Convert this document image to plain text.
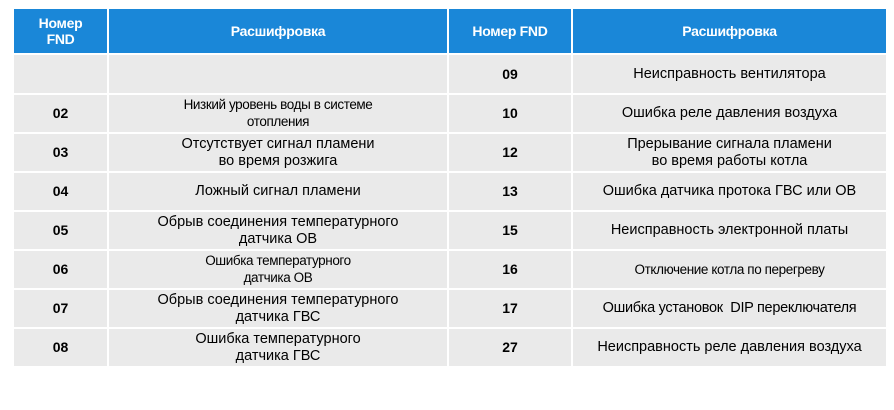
Номер
FND	Расшифровка	Номер FND	Расшифровка
		09	Неисправность вентилятора
02	Низкий уровень воды в системе
отопления	10	Ошибка реле давления воздуха
03	Отсутствует сигнал пламени
во время розжига	12	Прерывание сигнала пламени
во время работы котла
04	Ложный сигнал пламени	13	Ошибка датчика протока ГВС или ОВ
05	Обрыв соединения температурного
датчика ОВ	15	Неисправность электронной платы
06	Ошибка температурного
датчика ОВ	16	Отключение котла по перегреву
07	Обрыв соединения температурного
датчика ГВС	17	Ошибка установок  DIP переключателя
08	Ошибка температурного
датчика ГВС	27	Неисправность реле давления воздуха
